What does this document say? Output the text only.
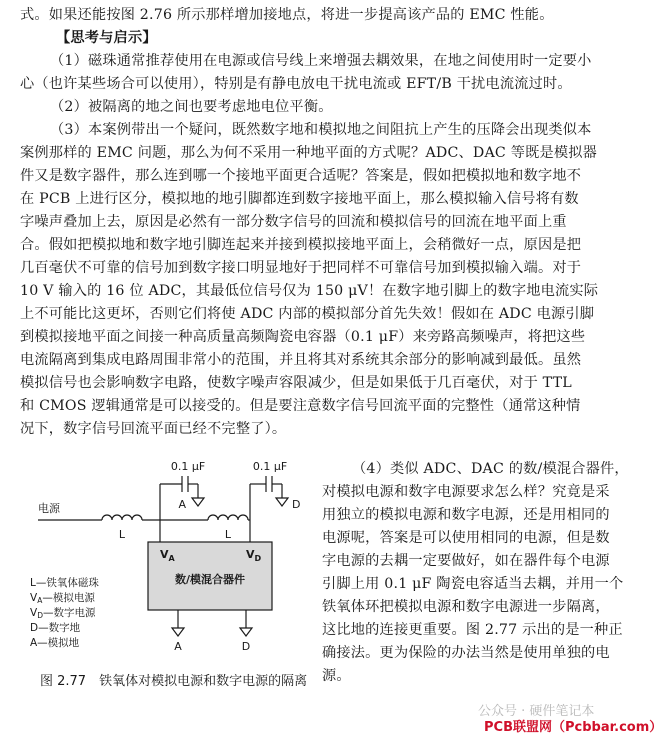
式。如果还能按图 2.76 所示那样增加接地点，将进一步提高该产品的 EMC 性能。
【思考与启示】
（1）磁珠通常推荐使用在电源或信号线上来增强去耦效果，在地之间使用时一定要小
心（也许某些场合可以使用），特别是有静电放电干扰电流或 EFT/B 干扰电流流过时。
（2）被隔离的地之间也要考虑地电位平衡。
（3）本案例带出一个疑问，既然数字地和模拟地之间阻抗上产生的压降会出现类似本
案例那样的 EMC 问题，那么为何不采用一种地平面的方式呢？ADC、DAC 等既是模拟器
件又是数字器件，那么连到哪一个接地平面更合适呢？答案是，假如把模拟地和数字地不
在 PCB 上进行区分，模拟地的地引脚都连到数字接地平面上，那么模拟输入信号将有数
字噪声叠加上去，原因是必然有一部分数字信号的回流和模拟信号的回流在地平面上重
合。假如把模拟地和数字地引脚连起来并接到模拟接地平面上，会稍微好一点，原因是把
几百毫伏不可靠的信号加到数字接口明显地好于把同样不可靠信号加到模拟输入端。对于
10 V 输入的 16 位 ADC，其最低位信号仅为 150 μV！在数字地引脚上的数字地电流实际
上不可能比这更坏，否则它们将使 ADC 内部的模拟部分首先失效！假如在 ADC 电源引脚
到模拟接地平面之间接一种高质量高频陶瓷电容器（0.1 μF）来旁路高频噪声，将把这些
电流隔离到集成电路周围非常小的范围，并且将其对系统其余部分的影响减到最低。虽然
模拟信号也会影响数字电路，使数字噪声容限减少，但是如果低于几百毫伏，对于 TTL
和 CMOS 逻辑通常是可以接受的。但是要注意数字信号回流平面的完整性（通常这种情
况下，数字信号回流平面已经不完整了）。
（4）类似 ADC、DAC 的数/模混合器件，
对模拟电源和数字电源要求怎么样？究竟是采
用独立的模拟电源和数字电源，还是用相同的
电源呢，答案是可以使用相同的电源，但是数
字电源的去耦一定要做好，如在器件每个电源
引脚上用 0.1 μF 陶瓷电容适当去耦，并用一个
铁氧体环把模拟电源和数字电源进一步隔离，
这比地的连接更重要。图 2.77 示出的是一种正
确接法。更为保险的办法当然是使用单独的电
源。
0.1 μF	0.1 μF
A	D
电源
L	L
$V_A$	$V_D$
数/模混合器件
A	D
L—铁氧体磁珠
VA—模拟电源
VD—数字电源
D—数字地
A—模拟地
图 2.77　铁氧体对模拟电源和数字电源的隔离
公众号 · 硬件笔记本
PCB联盟网（Pcbbar.com）
